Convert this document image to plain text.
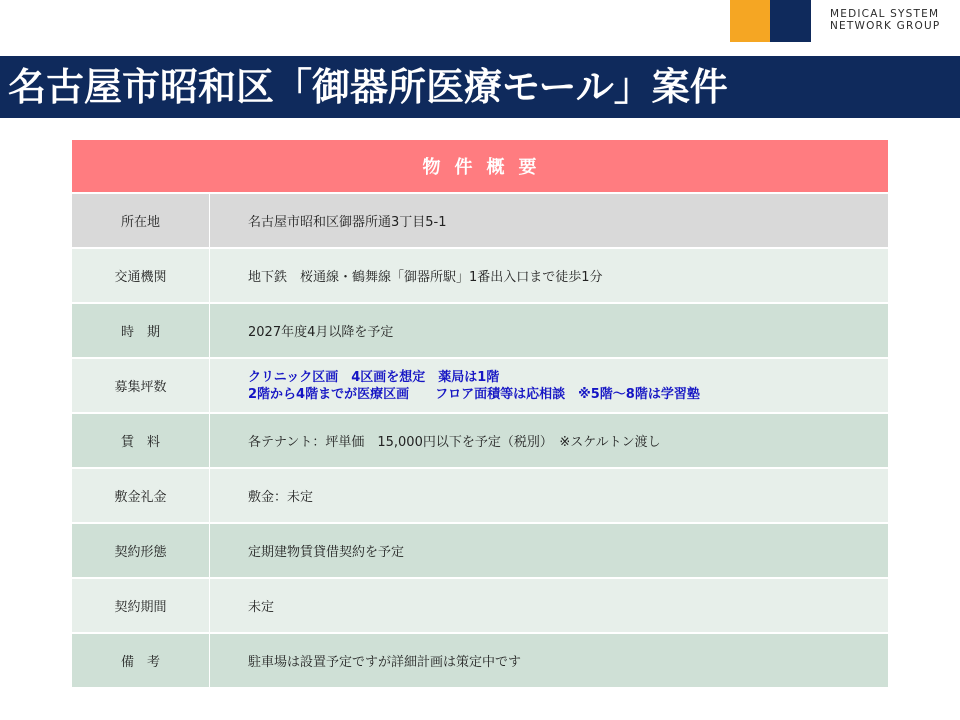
MEDICAL SYSTEM
NETWORK GROUP
名古屋市昭和区「御器所医療モール」案件
物件概要	
所在地	名古屋市昭和区御器所通3丁目5-1
交通機関	地下鉄　桜通線・鶴舞線「御器所駅」1番出入口まで徒歩1分
時　期	2027年度4月以降を予定
募集坪数	クリニック区画　4区画を想定　薬局は1階
2階から4階までが医療区画　　フロア面積等は応相談　※5階～8階は学習塾

賃　料	各テナント：坪単価　15,000円以下を予定（税別）　※スケルトン渡し
敷金礼金	敷金：未定
契約形態	定期建物賃貸借契約を予定
契約期間	未定
備　考	駐車場は設置予定ですが詳細計画は策定中です
